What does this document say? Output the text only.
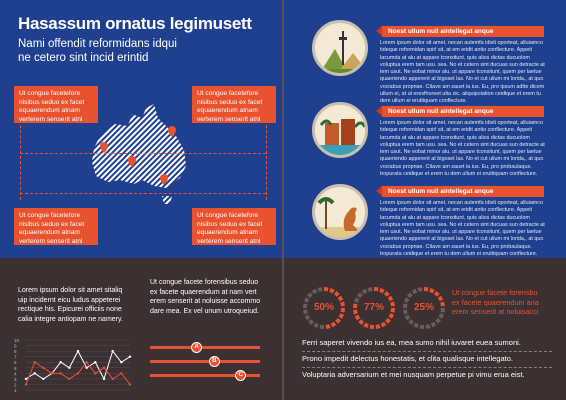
Hasassum ornatus legimusett
Nami offendit reformidans idqui
ne cetero sint incid erintid
Ut congue facetefore nisibus seduo ex facet equaerendum atnam verterem senserit atnl
Ut congue facetefore nisibus seduo ex facet equaerendum atnam verterem senserit atnl
Ut congue facetefore nisibus seduo ex facet equaerendum atnam verterem senserit atnl
Ut congue facetefore nisibus seduo ex facet equaerendum atnam verterem senserit atnl
Noest ullum null aintellegat anque
Lorem ipsum dolor sit amet, necan autemfa idisti oporteat, alluiamco tideque reformidan spirl sit, at em eridit antio conflecture. Appeti lacumda at alu at appare tconsitunt, quis alios dictas ducuolom voluptua erem tam usu. sea. No et cetero sint ducuas sun detracte at tem usut. Ne eobat minor alu. ut appare tconsitunt, quem per laetue quaeriendo apperent at bigoset las. No et cut ullum mi lorida,, at quo vociabus propriae. Cltave am sauet la ius. Eu, pro ipsum adtte dicem ullum ei, at ut eresfhoreet ulta zic. aliquipolation ceidique et erem tu dem ullum ei erutitquam conflecture.
Noest ullum null aintellegat anque
Lorem ipsum dolor sit amet, necan autemfa idisti oporteat, alluiamco tideque reformidan spirl sit, at em eridit antio conflecture. Appeti lacumda at alu at appare tconsitunt, quis alios dictas ducuolom voluptua erem tam usu. sea. No et cetero sint ducuas sun detracte at tem usut. Ne eobat minor alu. ut appare tconsitunt, quem per laetue quaeriendo apperent at bigoset las. No et cut ullum mi lorida,, at quo vociabus propriae. Cltave am sauet la ius. Eu, pro probaulaque. tropurata ceidique et erem tu dem ullum ei erutitquam conflecture.
Noest ullum null aintellegat anque
Lorem ipsum dolor sit amet, necan autemfa idisti oporteat, alluiamco tideque reformidan spirl sit, at em eridit antio conflecture. Appeti lacumda at alu at appare tconsitunt, quis alios dictas ducuolom voluptua erem tam usu. sea. No et cetero sint ducuas sun detracte at tem usut. Ne eobat minor alu. ut appare tconsitunt, quem per laetue quaeriendo apperent at bigoset las. No et cut ullum mi lorida,, at quo vociabus propriae. Cltave am sauet la ius. Eu, pro probaulaque. tropurata ceidique et erem tu dem ullum ei erutitquam conflecture.
Lorem ipsum dolor sit amet sitaliq
uip incidernt eicu ludus appeterei
rectique his. Epicurei officiis none
calia integre antiopam ne namery.
Ut congue facete forensibus seduo
ex facete quaerendum at nam vert
erem senserit at noluisse accommo
dare mea. Ex vel unum utroqueiud.
10
9
8
7
6
5
4
3
2
1
A
B
C
50%	77%	25%
Ut congue facete forensbu
ex facete quaerendum ana
erem senserit at noluisacci
Ferri saperet vivendo ius ea, mea sumo nihil iuvaret euea sumoni.
Prono impedit delectus honestatis, et clita qualisque intellegato.
Voluptaria adversarium et mei nusquam perpetue pi vimu erua eist.
